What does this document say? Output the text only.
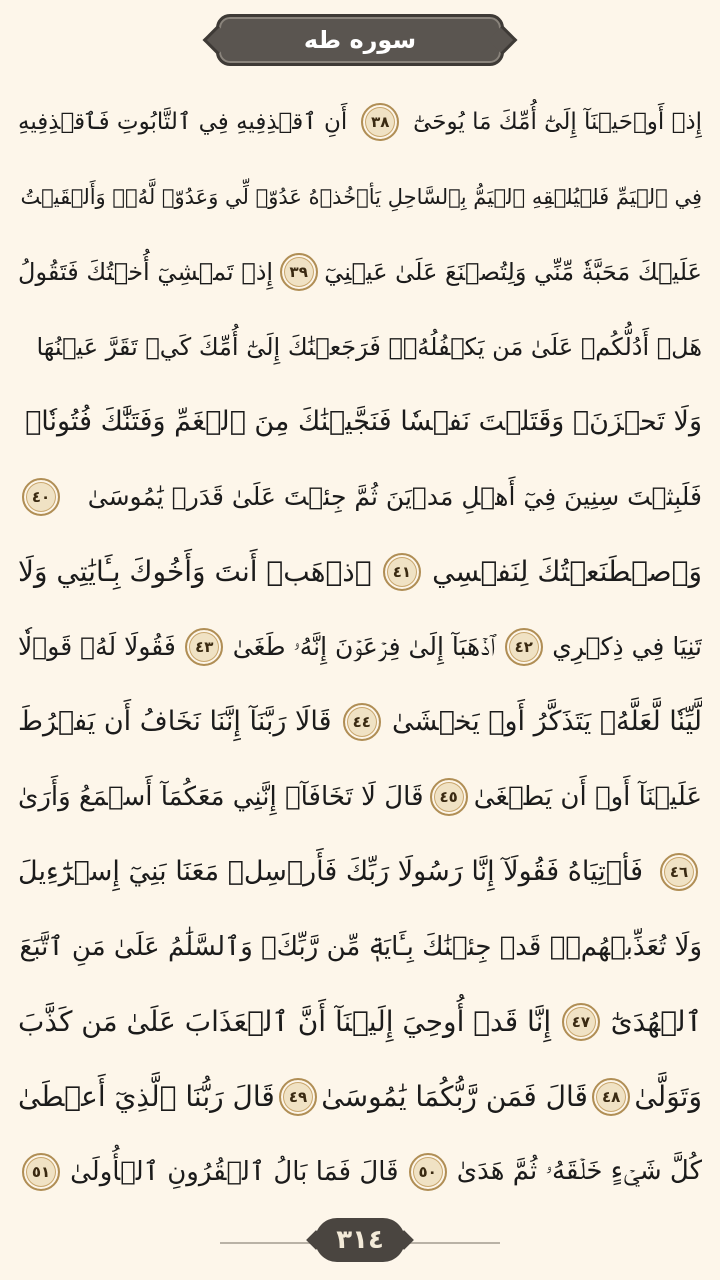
سوره طه
إِذۡ أَوۡحَيۡنَآ إِلَىٰٓ أُمِّكَ مَا يُوحَىٰٓ
٣٨
أَنِ ٱقۡذِفِيهِ فِي ٱلتَّابُوتِ فَٱقۡذِفِيهِ
فِي ٱلۡيَمِّ فَلۡيُلۡقِهِ ٱلۡيَمُّ بِٱلسَّاحِلِ يَأۡخُذۡهُ عَدُوّٞ لِّي وَعَدُوّٞ لَّهُۥۚ وَأَلۡقَيۡتُ
عَلَيۡكَ مَحَبَّةٗ مِّنِّي وَلِتُصۡنَعَ عَلَىٰ عَيۡنِيٓ
٣٩
إِذۡ تَمۡشِيٓ أُخۡتُكَ فَتَقُولُ
هَلۡ أَدُلُّكُمۡ عَلَىٰ مَن يَكۡفُلُهُۥۖ فَرَجَعۡنَٰكَ إِلَىٰٓ أُمِّكَ كَيۡ تَقَرَّ عَيۡنُهَا
وَلَا تَحۡزَنَۚ وَقَتَلۡتَ نَفۡسٗا فَنَجَّيۡنَٰكَ مِنَ ٱلۡغَمِّ وَفَتَنَّٰكَ فُتُونٗاۚ
فَلَبِثۡتَ سِنِينَ فِيٓ أَهۡلِ مَدۡيَنَ ثُمَّ جِئۡتَ عَلَىٰ قَدَرٖ يَٰمُوسَىٰ
٤٠
وَٱصۡطَنَعۡتُكَ لِنَفۡسِي
٤١
ٱذۡهَبۡ أَنتَ وَأَخُوكَ بِـَٔايَٰتِي وَلَا
تَنِيَا فِي ذِكۡرِي
٤٢
ٱذۡهَبَآ إِلَىٰ فِرۡعَوۡنَ إِنَّهُۥ طَغَىٰ
٤٣
فَقُولَا لَهُۥ قَوۡلٗا
لَّيِّنٗا لَّعَلَّهُۥ يَتَذَكَّرُ أَوۡ يَخۡشَىٰ
٤٤
قَالَا رَبَّنَآ إِنَّنَا نَخَافُ أَن يَفۡرُطَ
عَلَيۡنَآ أَوۡ أَن يَطۡغَىٰ
٤٥
قَالَ لَا تَخَافَآۖ إِنَّنِي مَعَكُمَآ أَسۡمَعُ وَأَرَىٰ
٤٦
فَأۡتِيَاهُ فَقُولَآ إِنَّا رَسُولَا رَبِّكَ فَأَرۡسِلۡ مَعَنَا بَنِيٓ إِسۡرَٰٓءِيلَ
وَلَا تُعَذِّبۡهُمۡۖ قَدۡ جِئۡنَٰكَ بِـَٔايَةٖ مِّن رَّبِّكَۖ وَٱلسَّلَٰمُ عَلَىٰ مَنِ ٱتَّبَعَ
ٱلۡهُدَىٰٓ
٤٧
إِنَّا قَدۡ أُوحِيَ إِلَيۡنَآ أَنَّ ٱلۡعَذَابَ عَلَىٰ مَن كَذَّبَ
وَتَوَلَّىٰ
٤٨
قَالَ فَمَن رَّبُّكُمَا يَٰمُوسَىٰ
٤٩
قَالَ رَبُّنَا ٱلَّذِيٓ أَعۡطَىٰ
كُلَّ شَيۡءٍ خَلۡقَهُۥ ثُمَّ هَدَىٰ
٥٠
قَالَ فَمَا بَالُ ٱلۡقُرُونِ ٱلۡأُولَىٰ
٥١
٣١٤
